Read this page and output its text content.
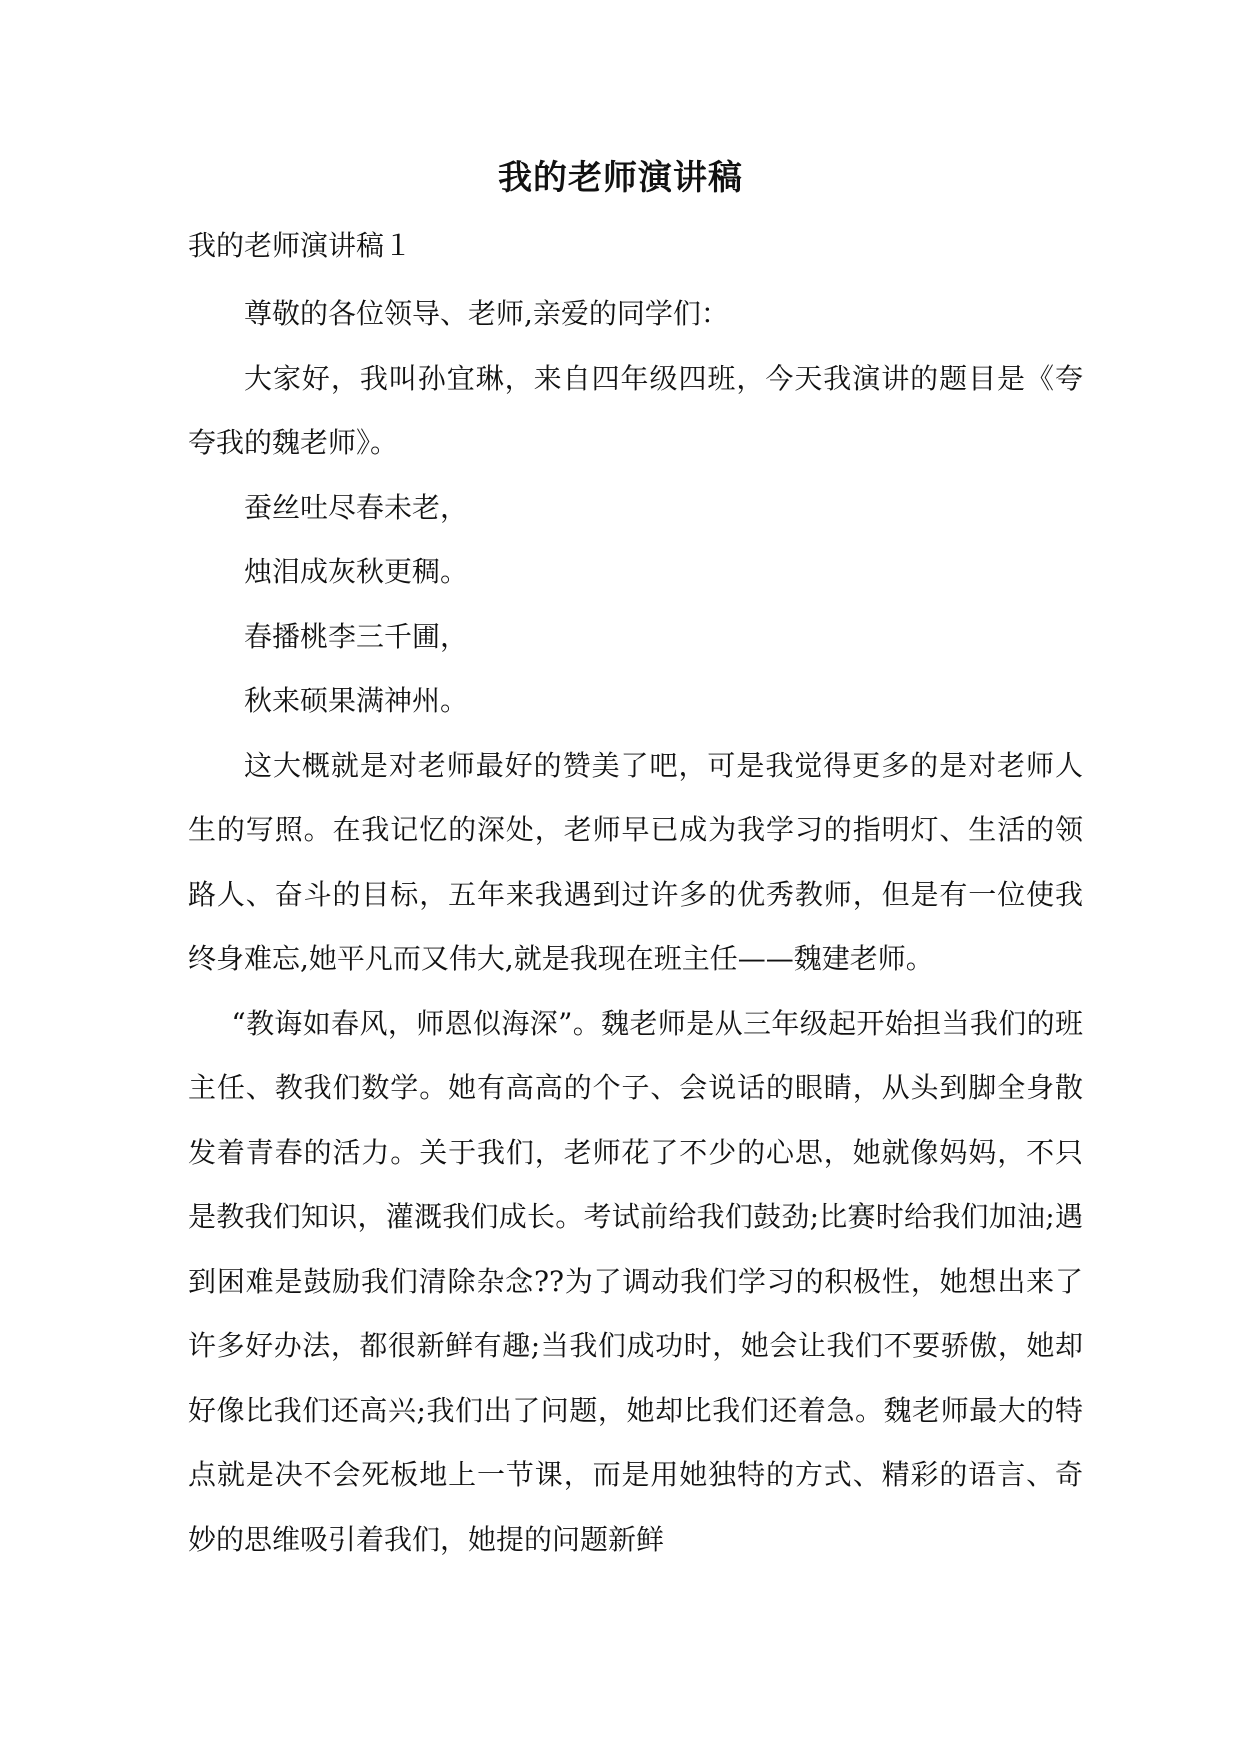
我的老师演讲稿
我的老师演讲稿１

尊敬的各位领导、老师,亲爱的同学们：

大家好，我叫孙宜琳，来自四年级四班，今天我演讲的题目是《夸夸我的魏老师》。

蚕丝吐尽春未老，

烛泪成灰秋更稠。

春播桃李三千圃，

秋来硕果满神州。

这大概就是对老师最好的赞美了吧，可是我觉得更多的是对老师人生的写照。在我记忆的深处，老师早已成为我学习的指明灯、生活的领路人、奋斗的目标，五年来我遇到过许多的优秀教师，但是有一位使我终身难忘,她平凡而又伟大,就是我现在班主任——魏建老师。

“教诲如春风，师恩似海深”。魏老师是从三年级起开始担当我们的班主任、教我们数学。她有高高的个子、会说话的眼睛，从头到脚全身散发着青春的活力。关于我们，老师花了不少的心思，她就像妈妈，不只是教我们知识，灌溉我们成长。考试前给我们鼓劲;比赛时给我们加油;遇到困难是鼓励我们清除杂念??为了调动我们学习的积极性，她想出来了许多好办法，都很新鲜有趣;当我们成功时，她会让我们不要骄傲，她却好像比我们还高兴;我们出了问题，她却比我们还着急。魏老师最大的特点就是决不会死板地上一节课，而是用她独特的方式、精彩的语言、奇妙的思维吸引着我们，她提的问题新鲜
